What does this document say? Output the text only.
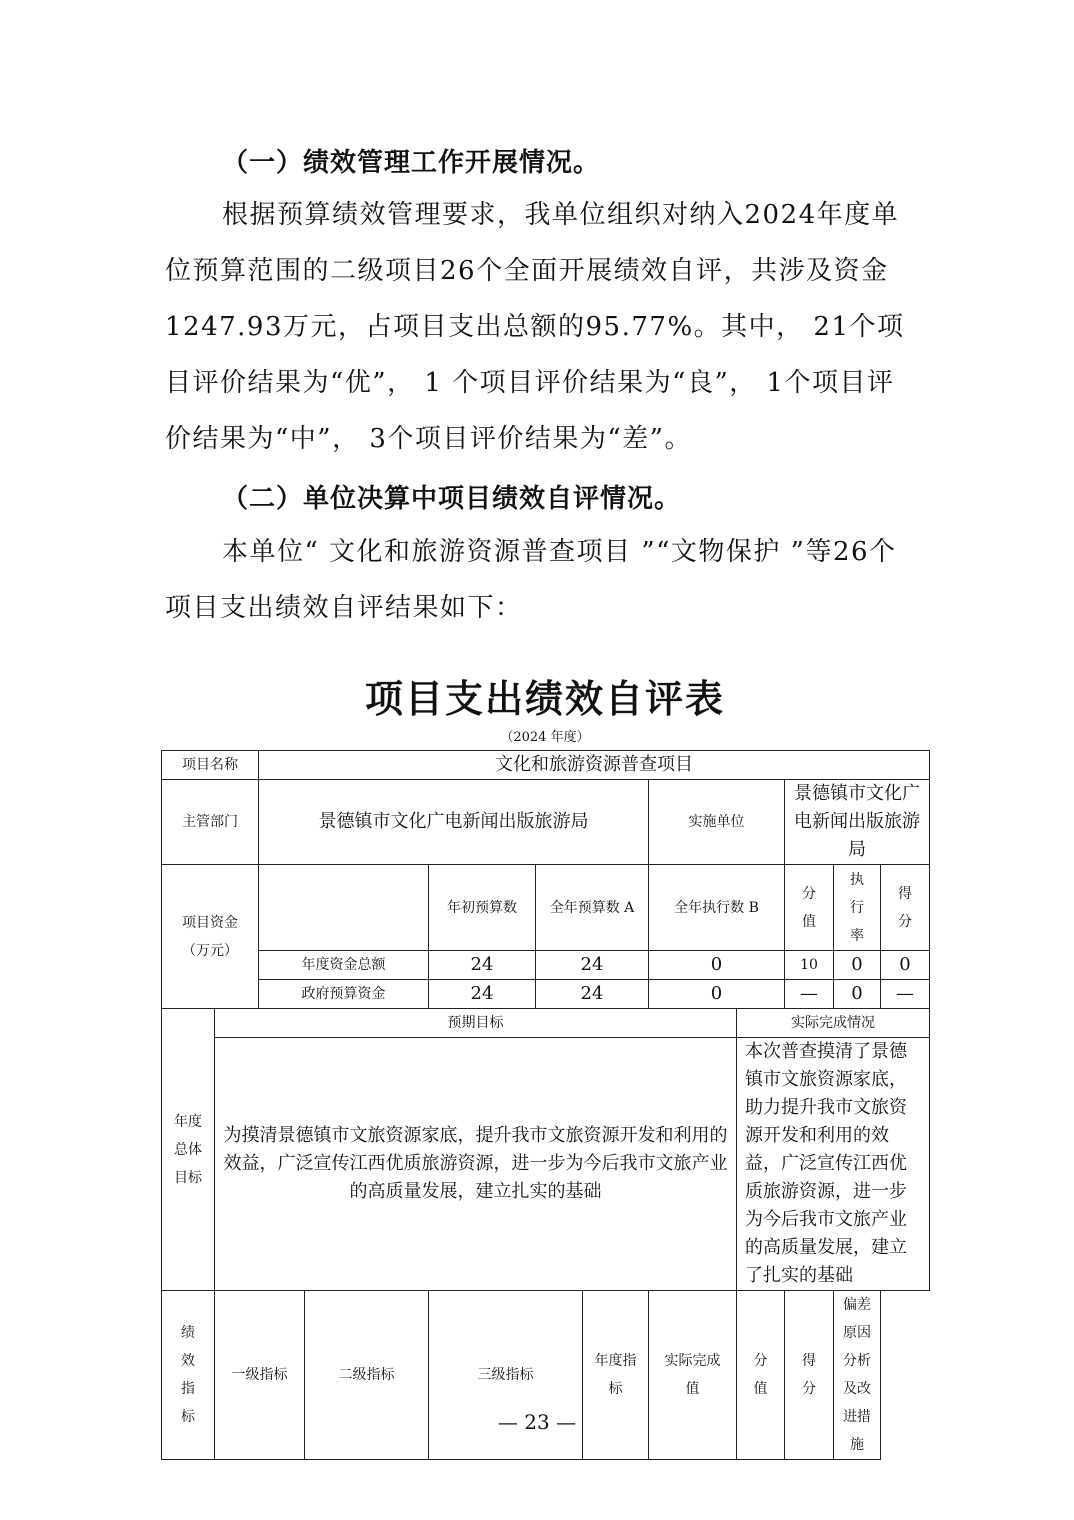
（一）绩效管理工作开展情况。
根据预算绩效管理要求，我单位组织对纳入2024年度单位预算范围的二级项目26个全面开展绩效自评，共涉及资金1247.93万元，占项目支出总额的95.77%。其中， 21个项目评价结果为“优”， 1 个项目评价结果为“良”， 1个项目评价结果为“中”， 3个项目评价结果为“差”。
（二）单位决算中项目绩效自评情况。
本单位“ 文化和旅游资源普查项目 ”“文物保护 ”等26个项目支出绩效自评结果如下：
项目支出绩效自评表
（2024 年度）
项目名称		文化和旅游资源普查项目									
主管部门		景德镇市文化广电新闻出版旅游局					实施单位		景德镇市文化广电新闻出版旅游局		
项目资金（万元）				年初预算数	全年预算数 A		全年执行数 B		分值	执行率	得分
		年度资金总额		24	24		0		10	0	0
		政府预算资金		24	24		0		—	0	—
年度总体目标	预期目标							实际完成情况			
	为摸清景德镇市文旅资源家底，提升我市文旅资源开发和利用的效益，广泛宣传江西优质旅游资源，进一步为今后我市文旅产业的高质量发展，建立扎实的基础							本次普查摸清了景德镇市文旅资源家底，助力提升我市文旅资源开发和利用的效益，广泛宣传江西优质旅游资源，进一步为今后我市文旅产业的高质量发展，建立了扎实的基础			
绩效指标	一级指标		二级指标	三级指标		年度指标	实际完成值	分值	得分	偏差原因分析及改进措施	
— 23 —
